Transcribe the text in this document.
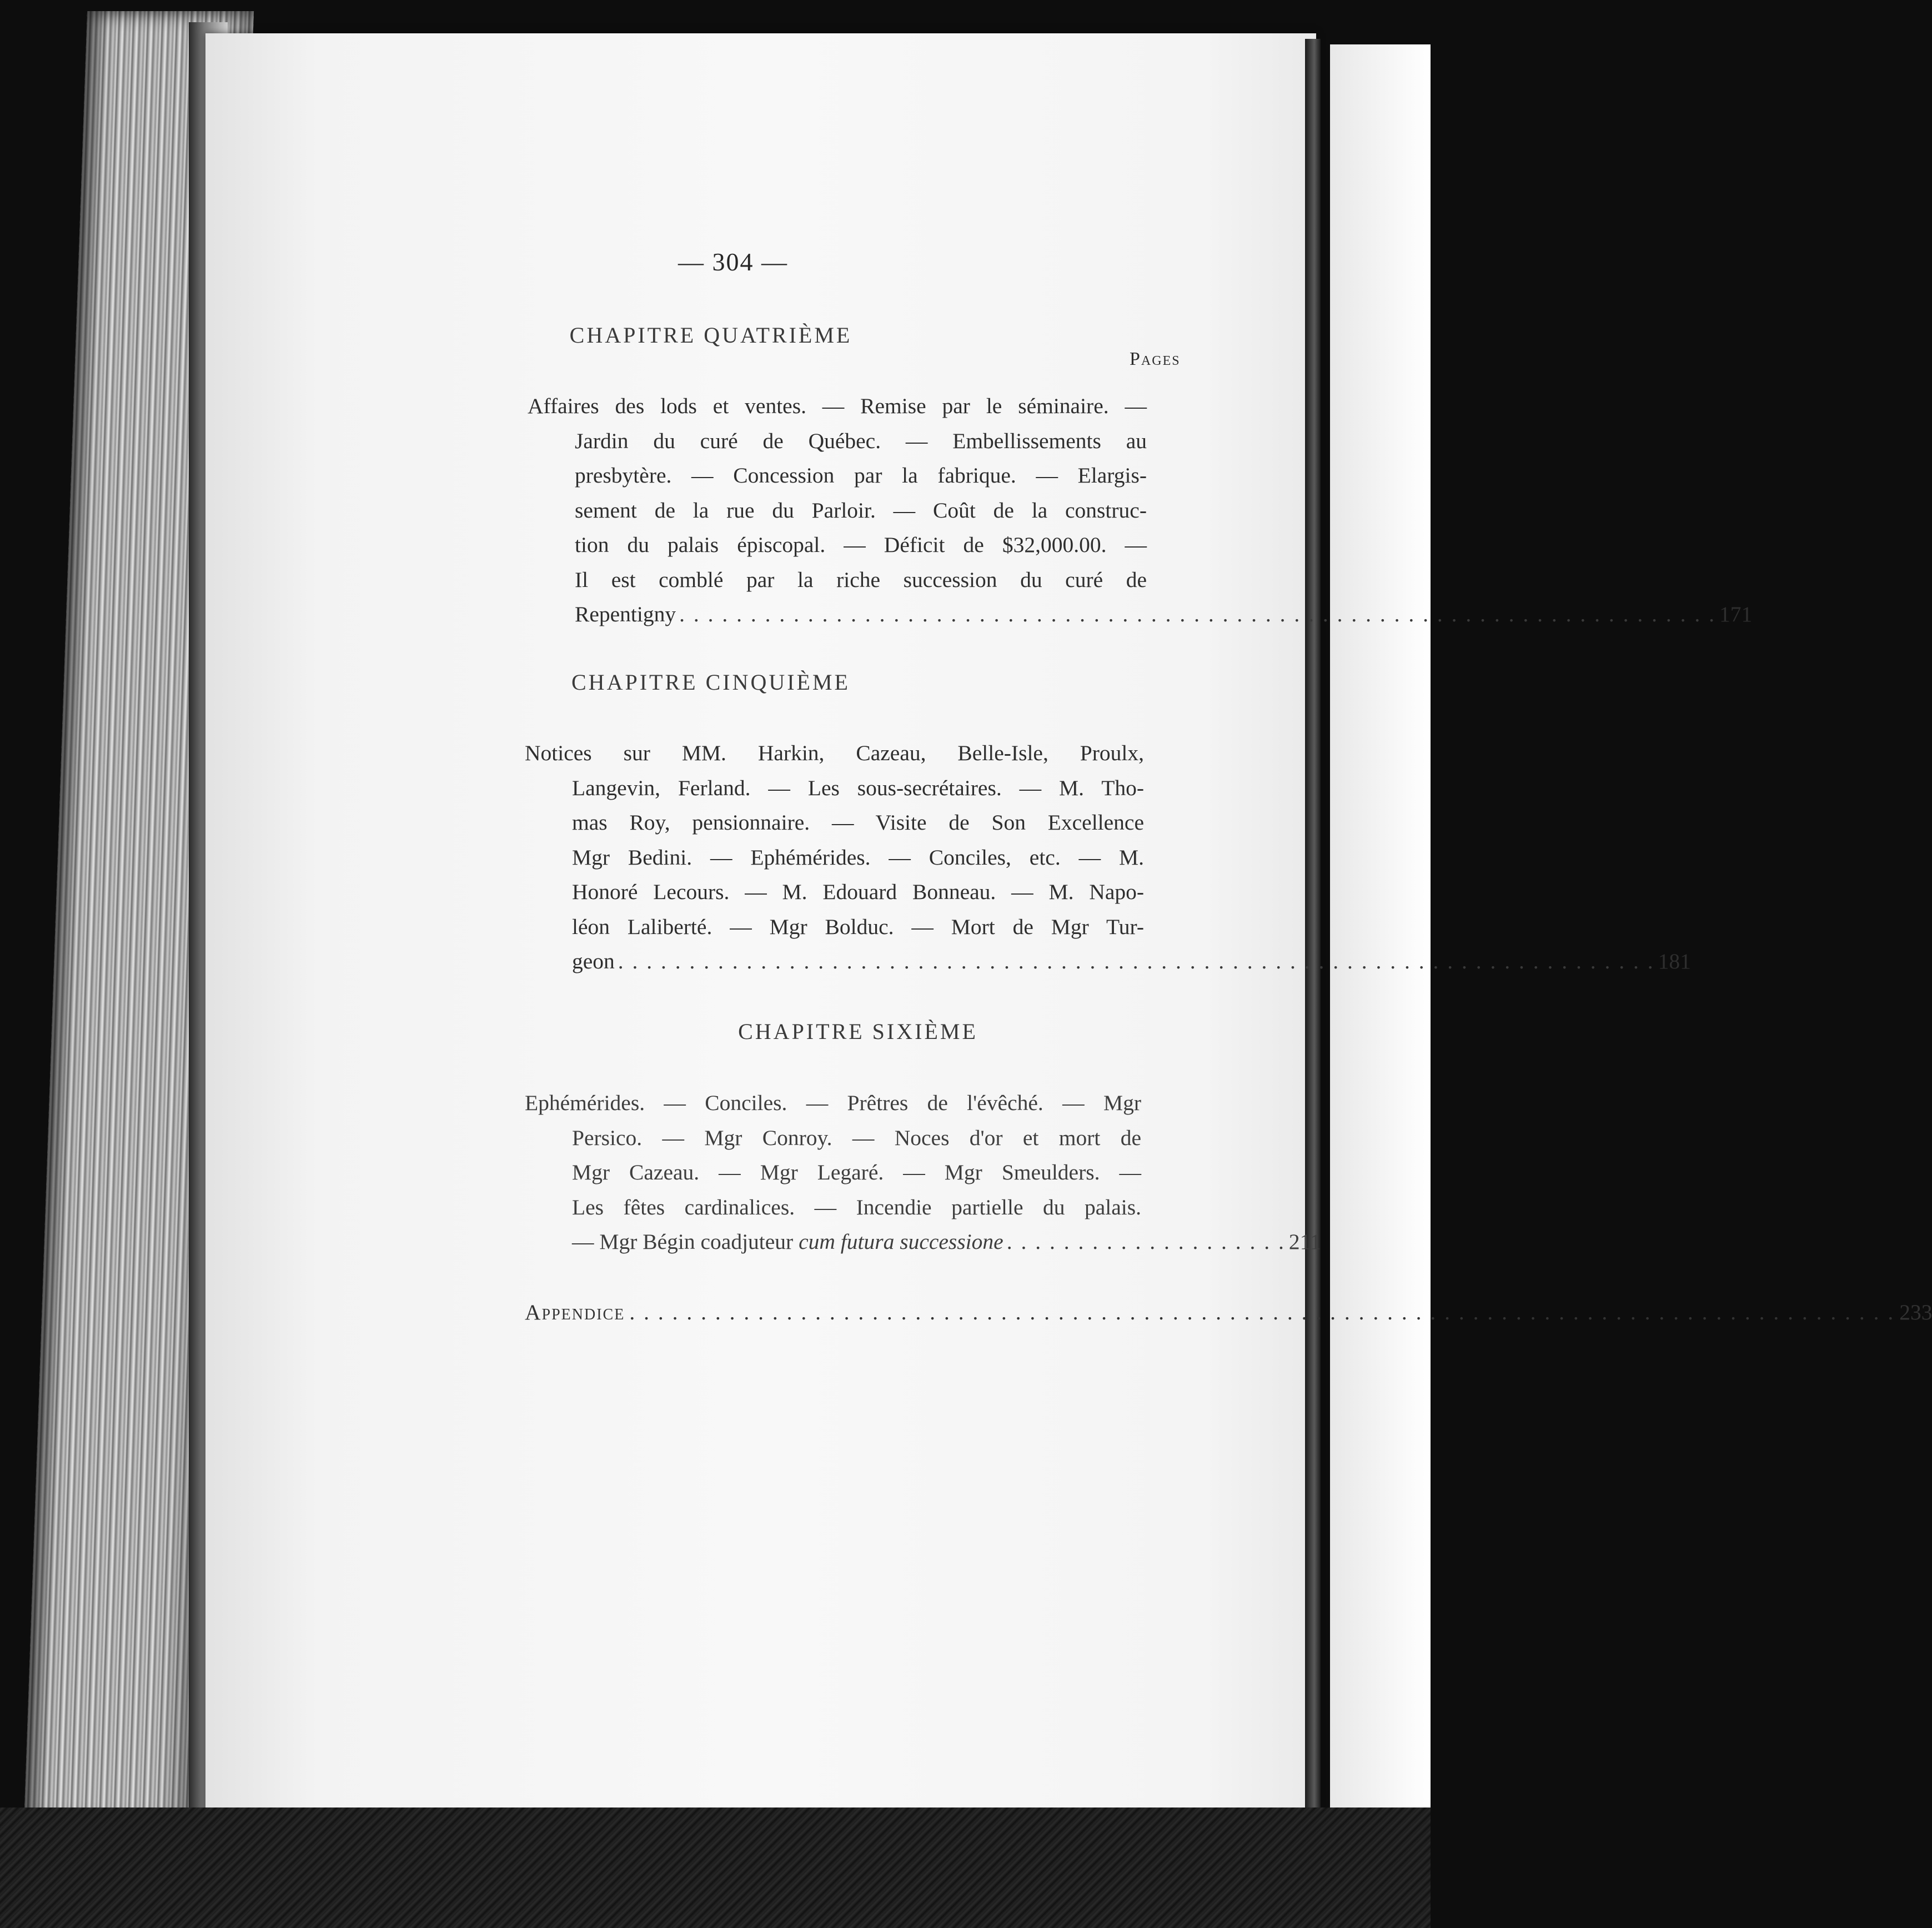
— 304 —
CHAPITRE QUATRIÈME
Pages
Affaires des lods et ventes. — Remise par le séminaire. —
Jardin du curé de Québec. — Embellissements au
presbytère. — Concession par la fabrique. — Elargis-
sement de la rue du Parloir. — Coût de la construc-
tion du palais épiscopal. — Déficit de $32,000.00. —
Il est comblé par la riche succession du curé de
Repentigny . . . . . . . . . . . . . . . . . . . . . . . . . . . . . . . . . . . . . . . . . . . . . . . . . . . . . . . . . . . . . . . . . . . . . . . . . 171
CHAPITRE CINQUIÈME
Notices sur MM. Harkin, Cazeau, Belle-Isle, Proulx,
Langevin, Ferland. — Les sous-secrétaires. — M. Tho-
mas Roy, pensionnaire. — Visite de Son Excellence
Mgr Bedini. — Ephémérides. — Conciles, etc. — M.
Honoré Lecours. — M. Edouard Bonneau. — M. Napo-
léon Laliberté. — Mgr Bolduc. — Mort de Mgr Tur-
geon . . . . . . . . . . . . . . . . . . . . . . . . . . . . . . . . . . . . . . . . . . . . . . . . . . . . . . . . . . . . . . . . . . . . . . . . . 181
CHAPITRE SIXIÈME
Ephémérides. — Conciles. — Prêtres de l'évêché. — Mgr
Persico. — Mgr Conroy. — Noces d'or et mort de
Mgr Cazeau. — Mgr Legaré. — Mgr Smeulders. —
Les fêtes cardinalices. — Incendie partielle du palais.
— Mgr Bégin coadjuteur cum futura successione . . . . . . . . . . . . . . . . . . . . 211
Appendice . . . . . . . . . . . . . . . . . . . . . . . . . . . . . . . . . . . . . . . . . . . . . . . . . . . . . . . . . . . . . . . . . . . . . . . . . . . . . . . . . . . . . . . . . 233
